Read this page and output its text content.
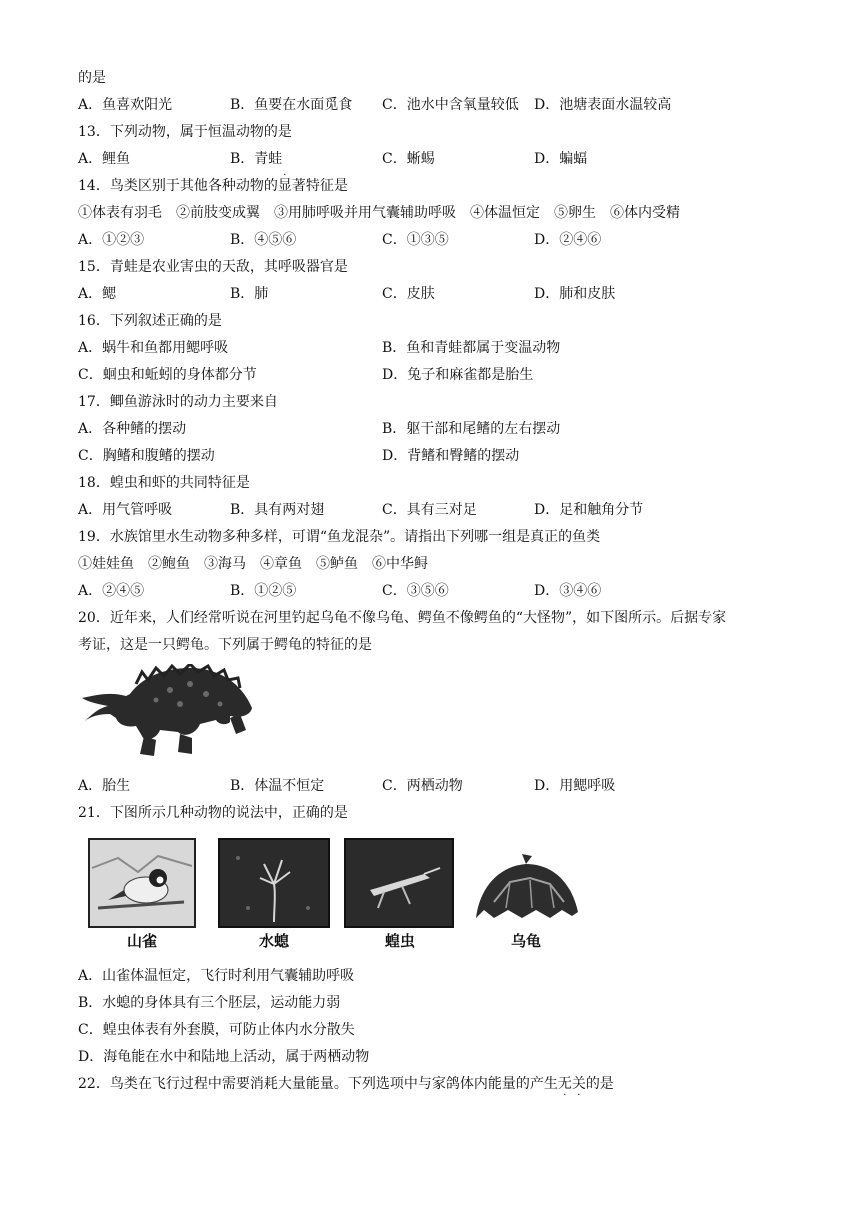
的是
A．鱼喜欢阳光	B．鱼要在水面觅食 C．池水中含氧量较低 D．池塘表面水温较高
13．下列动物，属于恒温动物的是
A．鲤鱼	B．青蛙	C．蜥蜴	D．蝙蝠
14．鸟类区别于其他各种动物的显
·
著特征是
①体表有羽毛　②前肢变成翼　③用肺呼吸并用气囊辅助呼吸　④体温恒定　⑤卵生　⑥体内受精
A．①②③	B．④⑤⑥	C．①③⑤	D．②④⑥
15．青蛙是农业害虫的天敌，其呼吸器官是
A．鳃	B．肺	C．皮肤	D．肺和皮肤
16．下列叙述正确的是
A．蜗牛和鱼都用鳃呼吸	B．鱼和青蛙都属于变温动物
C．蛔虫和蚯蚓的身体都分节	D．兔子和麻雀都是胎生
17．鲫鱼游泳时的动力主要来自
A．各种鳍的摆动	B．躯干部和尾鳍的左右摆动
C．胸鳍和腹鳍的摆动	D．背鳍和臀鳍的摆动
18．蝗虫和虾的共同特征是
A．用气管呼吸	B．具有两对翅	C．具有三对足	D．足和触角分节
19．水族馆里水生动物多种多样，可谓“鱼龙混杂”。请指出下列哪一组是真正的鱼类
①娃娃鱼　②鲍鱼　③海马　④章鱼　⑤鲈鱼　⑥中华鲟
A．②④⑤	B．①②⑤	C．③⑤⑥	D．③④⑥
20．近年来，人们经常听说在河里钓起乌龟不像乌龟、鳄鱼不像鳄鱼的“大怪物”，如下图所示。后据专家
考证，这是一只鳄龟。下列属于鳄龟的特征的是
A．胎生	B．体温不恒定	C．两栖动物	D．用鳃呼吸
21．下图所示几种动物的说法中，正确的是
山雀	水螅	蝗虫	乌龟
A．山雀体温恒定，飞行时利用气囊辅助呼吸
B．水螅的身体具有三个胚层，运动能力弱
C．蝗虫体表有外套膜，可防止体内水分散失
D．海龟能在水中和陆地上活动，属于两栖动物
22．鸟类在飞行过程中需要消耗大量能量。下列选项中与家鸽体内能量的产生无
·
关
·
的是
